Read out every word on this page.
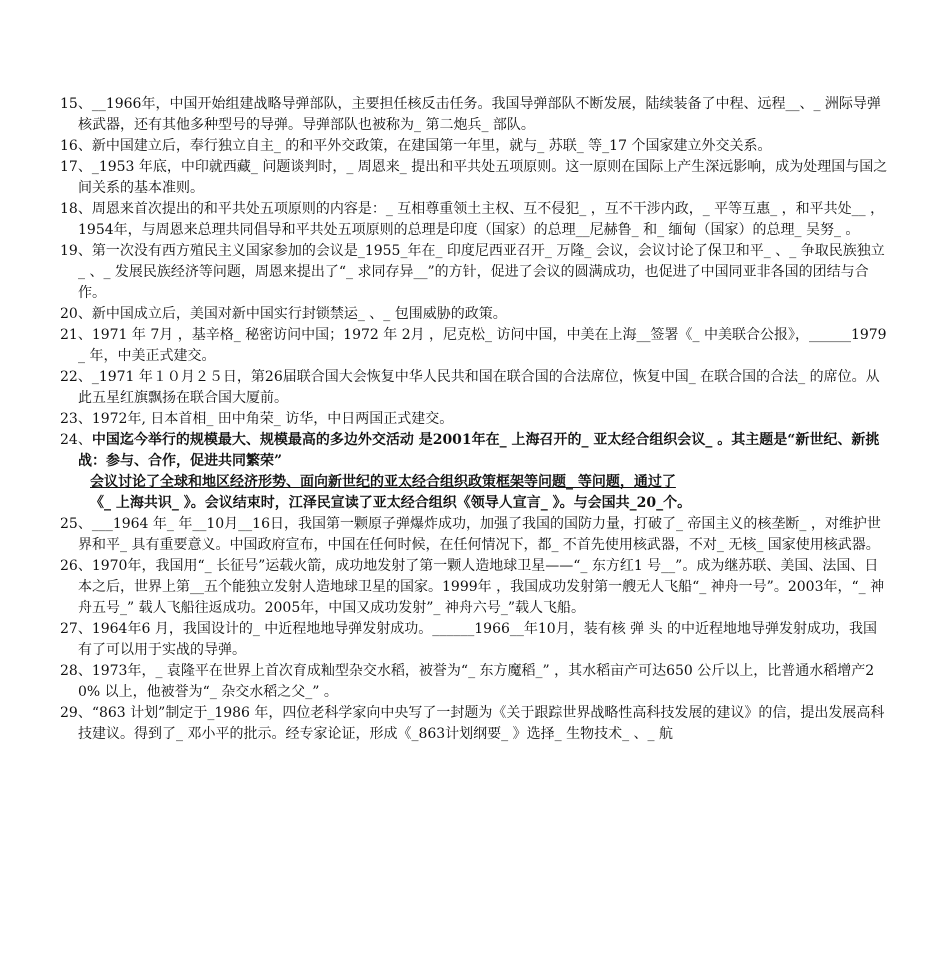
15、__1966年，中国开始组建战略导弹部队，主要担任核反击任务。我国导弹部队不断发展，陆续装备了中程、远程__、_ 洲际导弹核武器，还有其他多种型号的导弹。导弹部队也被称为_ 第二炮兵_ 部队。

16、新中国建立后，奉行独立自主_ 的和平外交政策，在建国第一年里，就与_ 苏联_ 等_17 个国家建立外交关系。

17、_1953 年底，中印就西藏_ 问题谈判时，_ 周恩来_ 提出和平共处五项原则。这一原则在国际上产生深远影响，成为处理国与国之间关系的基本准则。

18、周恩来首次提出的和平共处五项原则的内容是：_ 互相尊重领土主权、互不侵犯_ ，互不干涉内政，_ 平等互惠_ ，和平共处__ ，1954年，与周恩来总理共同倡导和平共处五项原则的总理是印度（国家）的总理__尼赫鲁_ 和_ 缅甸（国家）的总理_ 吴努_ 。

19、第一次没有西方殖民主义国家参加的会议是_1955_年在_ 印度尼西亚召开_ 万隆_ 会议，会议讨论了保卫和平_ 、_ 争取民族独立_ 、_ 发展民族经济等问题，周恩来提出了“_ 求同存异__”的方针，促进了会议的圆满成功，也促进了中国同亚非各国的团结与合作。

20、新中国成立后，美国对新中国实行封锁禁运_ 、_ 包围威胁的政策。

21、1971 年 7月 ，基辛格_ 秘密访问中国；1972 年 2月 ，尼克松_ 访问中国，中美在上海__签署《_ 中美联合公报》，______1979_ 年，中美正式建交。

22、_1971 年１０月２５日，第26届联合国大会恢复中华人民共和国在联合国的合法席位，恢复中国_ 在联合国的合法_ 的席位。从此五星红旗飘扬在联合国大厦前。

23、1972年, 日本首相_ 田中角荣_ 访华，中日两国正式建交。

24、中国迄今举行的规模最大、规模最高的多边外交活动 是2001年在_ 上海召开的_ 亚太经合组织会议_ 。其主题是“新世纪、新挑战：参与、合作，促进共同繁荣”

会议讨论了全球和地区经济形势、面向新世纪的亚太经合组织政策框架等问题_ 等问题，通过了

《_ 上海共识_ 》。会议结束时，江泽民宣读了亚太经合组织《领导人宣言_ 》。与会国共_20_个。

25、___1964 年_ 年__10月__16日，我国第一颗原子弹爆炸成功，加强了我国的国防力量，打破了_ 帝国主义的核垄断_ ，对维护世界和平_ 具有重要意义。中国政府宣布，中国在任何时候，在任何情况下，都_ 不首先使用核武器，不对_ 无核_ 国家使用核武器。

26、1970年，我国用“_ 长征号”运载火箭，成功地发射了第一颗人造地球卫星——“_ 东方红1 号__”。成为继苏联、美国、法国、日本之后，世界上第__五个能独立发射人造地球卫星的国家。1999年 ，我国成功发射第一艘无人飞船“_ 神舟一号”。2003年，“_ 神舟五号_” 载人飞船往返成功。2005年，中国又成功发射”_ 神舟六号_”载人飞船。

27、1964年6 月，我国设计的_ 中近程地地导弹发射成功。______1966__年10月，装有核 弹 头 的中近程地地导弹发射成功，我国有了可以用于实战的导弹。

28、1973年，_ 袁隆平在世界上首次育成籼型杂交水稻，被誉为“_ 东方魔稻_” ，其水稻亩产可达650 公斤以上，比普通水稻增产20% 以上，他被誉为“_ 杂交水稻之父_” 。

29、“863 计划”制定于_1986 年，四位老科学家向中央写了一封题为《关于跟踪世界战略性高科技发展的建议》的信，提出发展高科技建议。得到了_ 邓小平的批示。经专家论证，形成《_863计划纲要_ 》选择_ 生物技术_ 、_ 航
